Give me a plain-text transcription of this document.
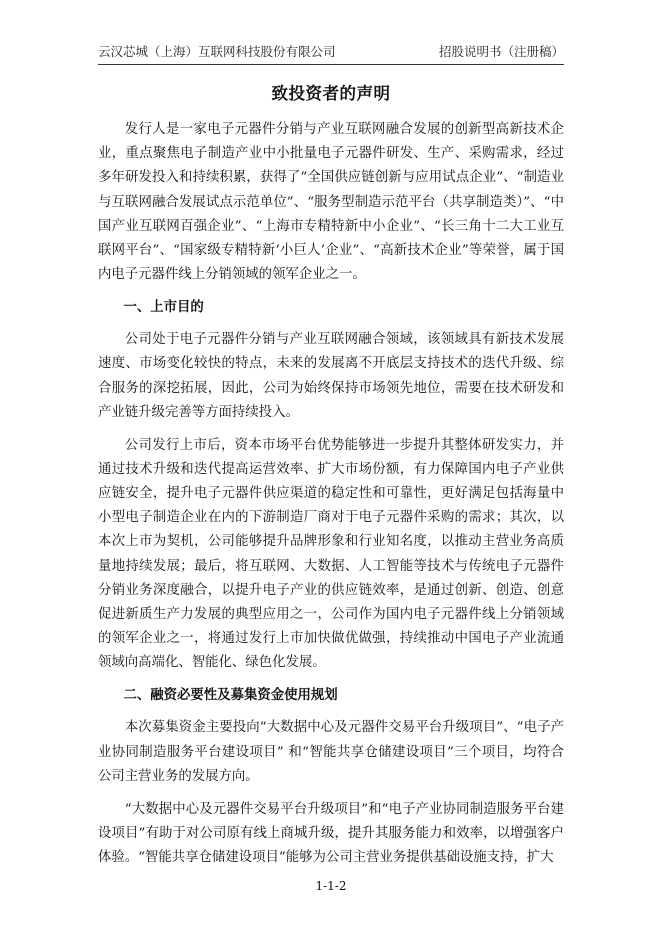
云汉芯城（上海）互联网科技股份有限公司	招股说明书（注册稿）
致投资者的声明

发行人是一家电子元器件分销与产业互联网融合发展的创新型高新技术企业，重点聚焦电子制造产业中小批量电子元器件研发、生产、采购需求，经过多年研发投入和持续积累，获得了“全国供应链创新与应用试点企业”、“制造业与互联网融合发展试点示范单位”、“服务型制造示范平台（共享制造类）”、“中国产业互联网百强企业”、“上海市专精特新中小企业”、“长三角十二大工业互联网平台”、“国家级专精特新‘小巨人’企业”、“高新技术企业”等荣誉，属于国内电子元器件线上分销领域的领军企业之一。

一、上市目的

公司处于电子元器件分销与产业互联网融合领域，该领域具有新技术发展速度、市场变化较快的特点，未来的发展离不开底层支持技术的迭代升级、综合服务的深挖拓展，因此，公司为始终保持市场领先地位，需要在技术研发和产业链升级完善等方面持续投入。

公司发行上市后，资本市场平台优势能够进一步提升其整体研发实力，并通过技术升级和迭代提高运营效率、扩大市场份额，有力保障国内电子产业供应链安全，提升电子元器件供应渠道的稳定性和可靠性，更好满足包括海量中小型电子制造企业在内的下游制造厂商对于电子元器件采购的需求；其次，以本次上市为契机，公司能够提升品牌形象和行业知名度，以推动主营业务高质量地持续发展；最后，将互联网、大数据、人工智能等技术与传统电子元器件分销业务深度融合，以提升电子产业的供应链效率，是通过创新、创造、创意促进新质生产力发展的典型应用之一，公司作为国内电子元器件线上分销领域的领军企业之一，将通过发行上市加快做优做强，持续推动中国电子产业流通领域向高端化、智能化、绿色化发展。

二、融资必要性及募集资金使用规划

本次募集资金主要投向“大数据中心及元器件交易平台升级项目”、“电子产业协同制造服务平台建设项目” 和“智能共享仓储建设项目”三个项目，均符合公司主营业务的发展方向。

“大数据中心及元器件交易平台升级项目”和“电子产业协同制造服务平台建设项目”有助于对公司原有线上商城升级，提升其服务能力和效率，以增强客户体验。“智能共享仓储建设项目”能够为公司主营业务提供基础设施支持，扩大

1-1-2
